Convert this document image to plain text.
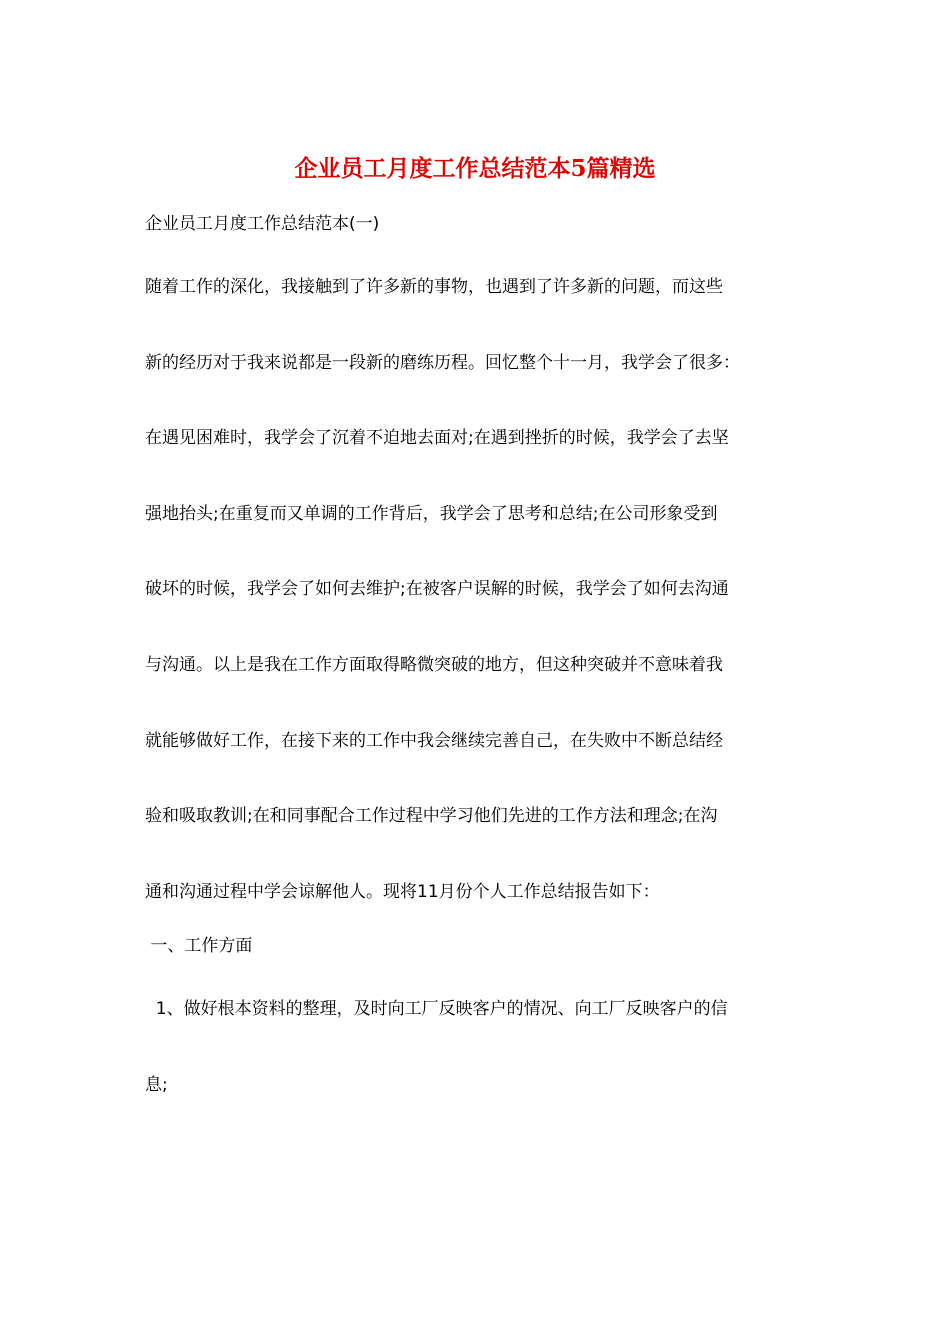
企业员工月度工作总结范本5篇精选

企业员工月度工作总结范本(一)

随着工作的深化，我接触到了许多新的事物，也遇到了许多新的问题，而这些
新的经历对于我来说都是一段新的磨练历程。回忆整个十一月，我学会了很多：
在遇见困难时，我学会了沉着不迫地去面对;在遇到挫折的时候，我学会了去坚
强地抬头;在重复而又单调的工作背后，我学会了思考和总结;在公司形象受到
破坏的时候，我学会了如何去维护;在被客户误解的时候，我学会了如何去沟通
与沟通。以上是我在工作方面取得略微突破的地方，但这种突破并不意味着我
就能够做好工作，在接下来的工作中我会继续完善自己，在失败中不断总结经
验和吸取教训;在和同事配合工作过程中学习他们先进的工作方法和理念;在沟
通和沟通过程中学会谅解他人。现将11月份个人工作总结报告如下：

一、工作方面

1、做好根本资料的整理，及时向工厂反映客户的情况、向工厂反映客户的信
息;
